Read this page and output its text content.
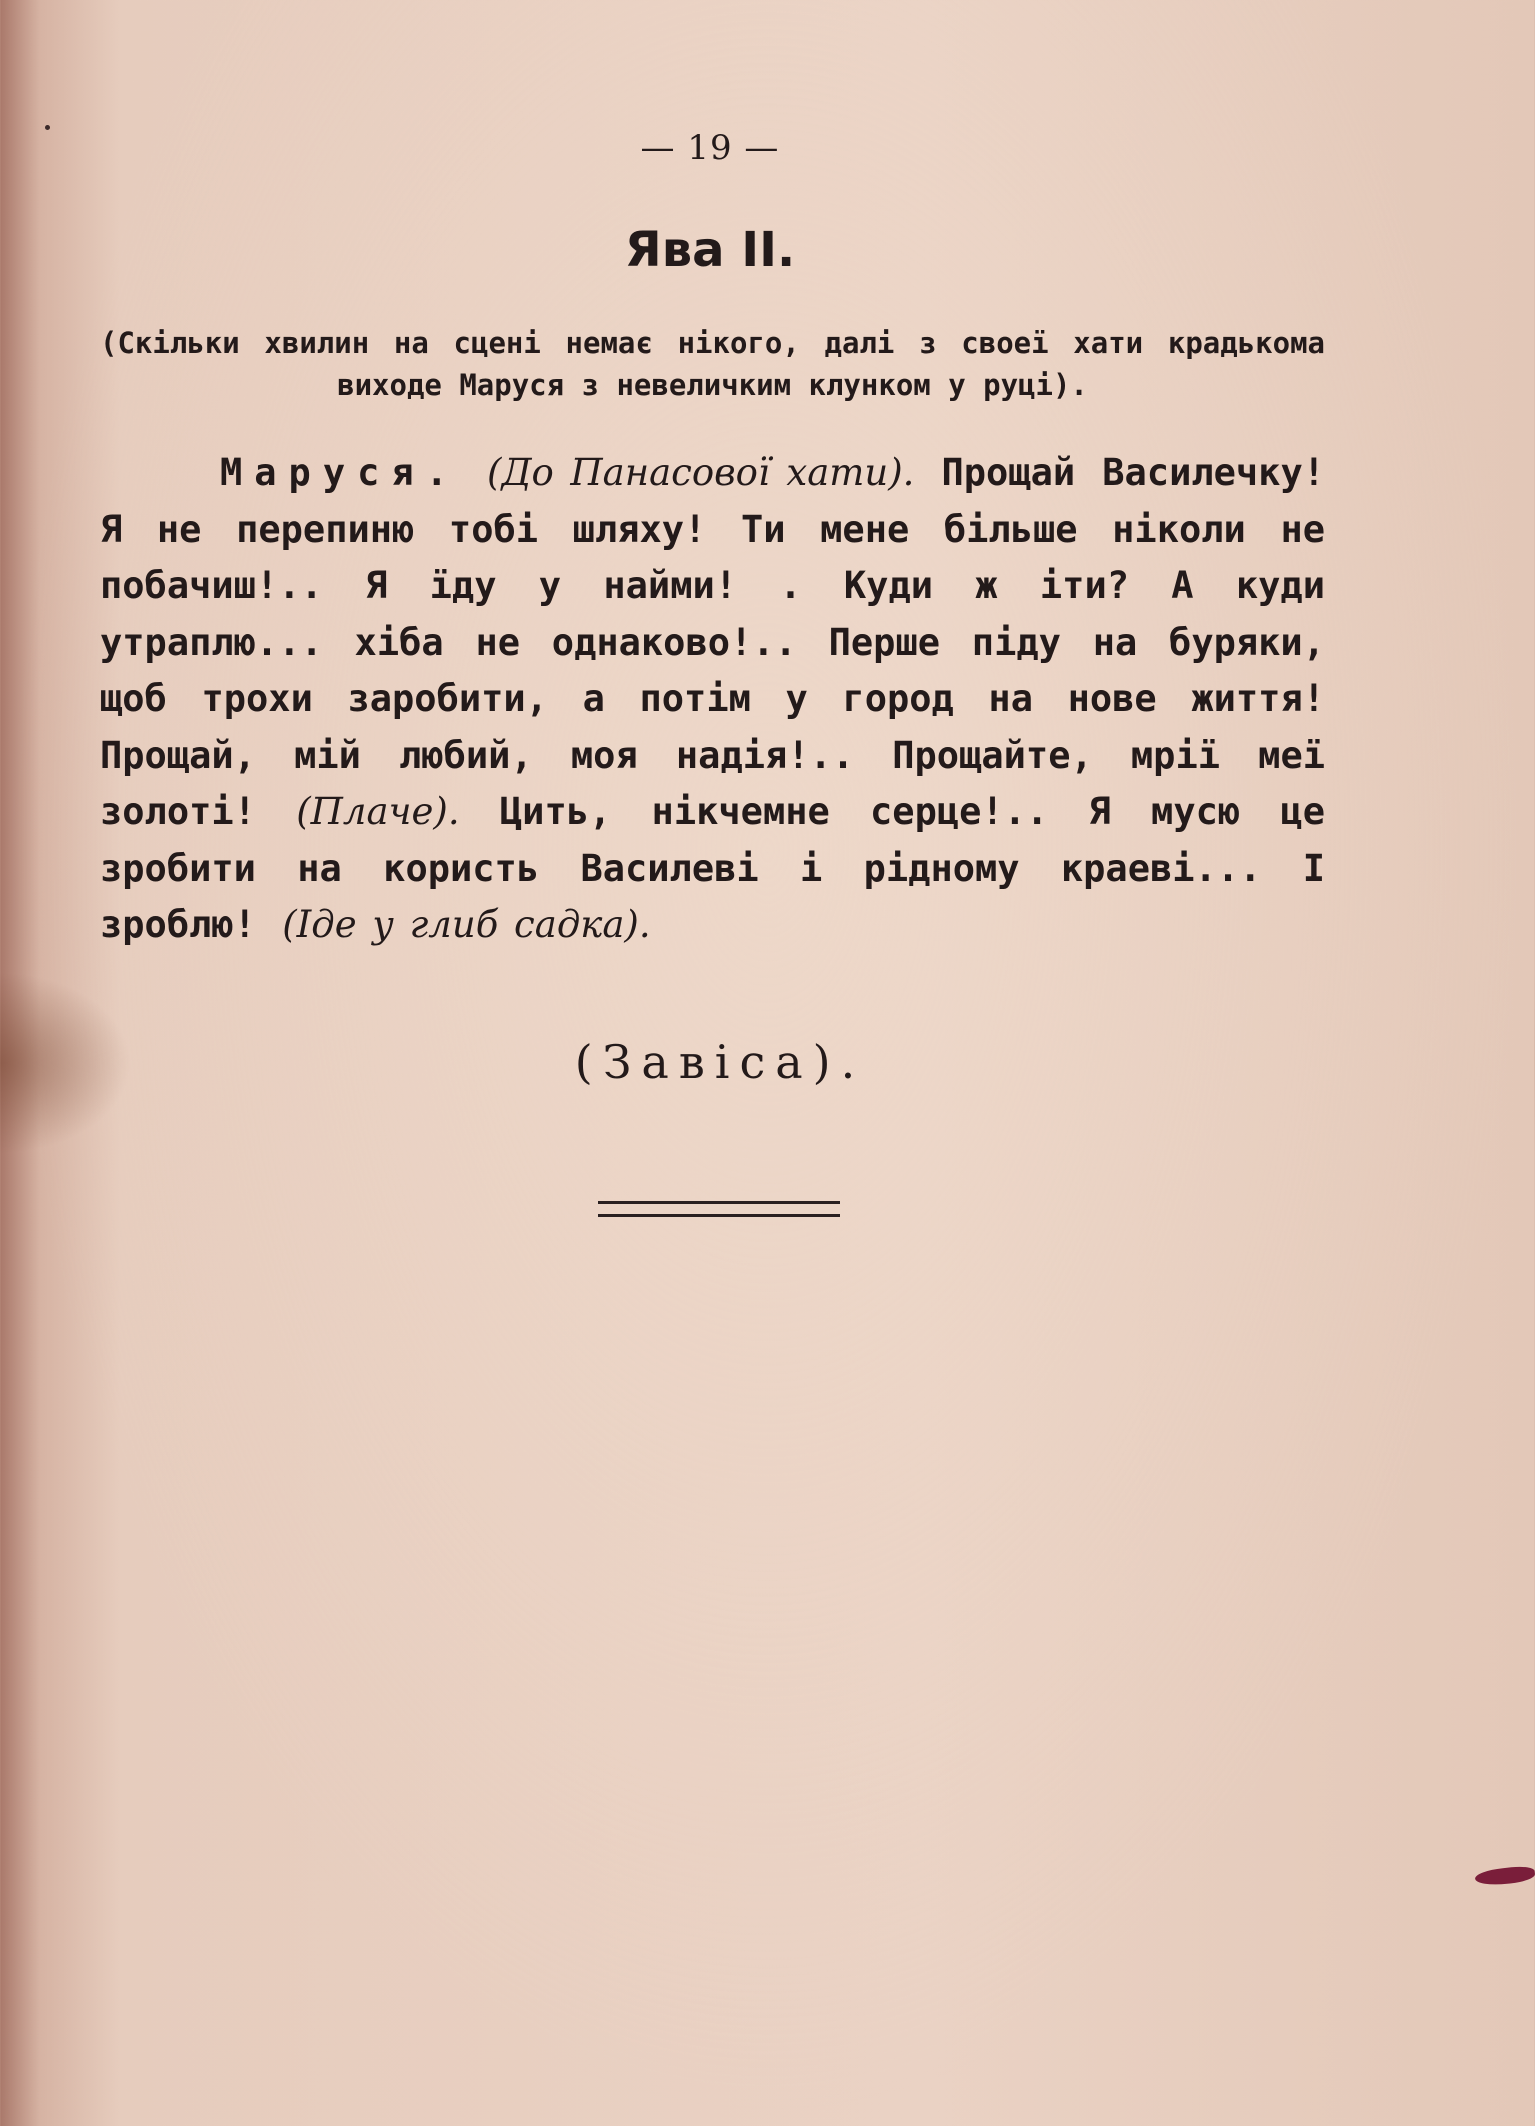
— 19 —
Ява II.
(Скільки хвилин на сцені немає нікого, далі з своеї хати крадькома виходе Маруся з невеличким клунком у руці).
Маруся. (До Панасової хати). Прощай Василечку! Я не перепиню тобі шляху! Ти мене більше ніколи не побачиш!.. Я їду у найми! . Куди ж іти? А куди утраплю... хіба не однаково!.. Перше піду на буряки, щоб трохи заробити, а потім у город на нове життя! Прощай, мій любий, моя надія!.. Прощайте, мрії меї золоті! (Плаче). Цить, нікчемне серце!.. Я мусю це зробити на користь Василеві і рідному краеві... І зроблю! (Іде у глиб садка).
(Завіса).
